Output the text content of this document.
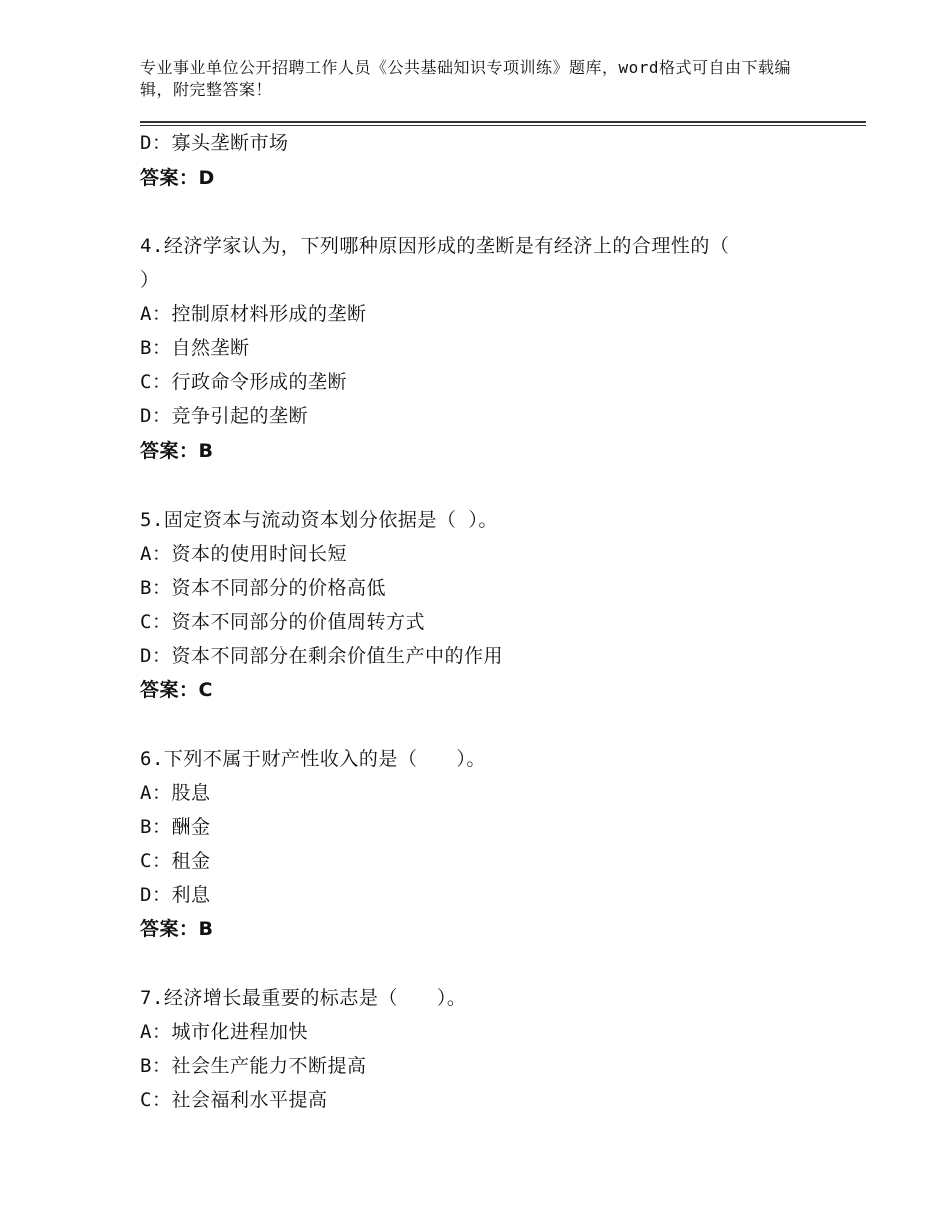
专业事业单位公开招聘工作人员《公共基础知识专项训练》题库，word格式可自由下载编辑，附完整答案！
D：寡头垄断市场
答案：D
4.经济学家认为，下列哪种原因形成的垄断是有经济上的合理性的（
）
A：控制原材料形成的垄断
B：自然垄断
C：行政命令形成的垄断
D：竞争引起的垄断
答案：B
5.固定资本与流动资本划分依据是（ ）。
A：资本的使用时间长短
B：资本不同部分的价格高低
C：资本不同部分的价值周转方式
D：资本不同部分在剩余价值生产中的作用
答案：C
6.下列不属于财产性收入的是（　　）。
A：股息
B：酬金
C：租金
D：利息
答案：B
7.经济增长最重要的标志是（　　）。
A：城市化进程加快
B：社会生产能力不断提高
C：社会福利水平提高
